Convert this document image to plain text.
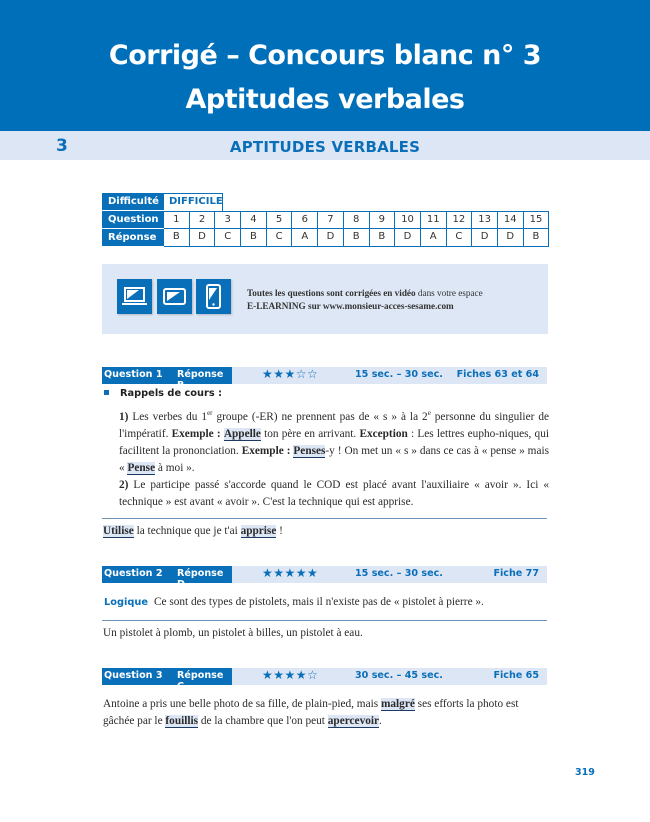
Corrigé – Concours blanc n° 3
Aptitudes verbales
3	APTITUDES VERBALES
Difficulté	DIFFICILE
Question	1	2	3	4	5	6	7	8	9	10	11	12	13	14	15
Réponse	B	D	C	B	C	A	D	B	B	D	A	C	D	D	B
Toutes les questions sont corrigées en vidéo dans votre espace
E-LEARNING sur www.monsieur-acces-sesame.com
Question 1 Réponse B
★★★☆☆	15 sec. – 30 sec. Fiches 63 et 64
Rappels de cours :
1) Les verbes du 1er groupe (-ER) ne prennent pas de « s » à la 2e personne du singulier de l'impératif. Exemple : Appelle ton père en arrivant. Exception : Les lettres eupho-niques, qui facilitent la prononciation. Exemple : Penses-y ! On met un « s » dans ce cas à « pense » mais « Pense à moi ».
2) Le participe passé s'accorde quand le COD est placé avant l'auxiliaire « avoir ». Ici « technique » est avant « avoir ». C'est la technique qui est apprise.
Utilise la technique que je t'ai apprise !
Question 2 Réponse D
★★★★★	15 sec. – 30 sec.	Fiche 77
Logique Ce sont des types de pistolets, mais il n'existe pas de « pistolet à pierre ».
Un pistolet à plomb, un pistolet à billes, un pistolet à eau.
Question 3 Réponse C
★★★★☆	30 sec. – 45 sec.	Fiche 65
Antoine a pris une belle photo de sa fille, de plain-pied, mais malgré ses efforts la photo est gâchée par le fouillis de la chambre que l'on peut apercevoir.
319
